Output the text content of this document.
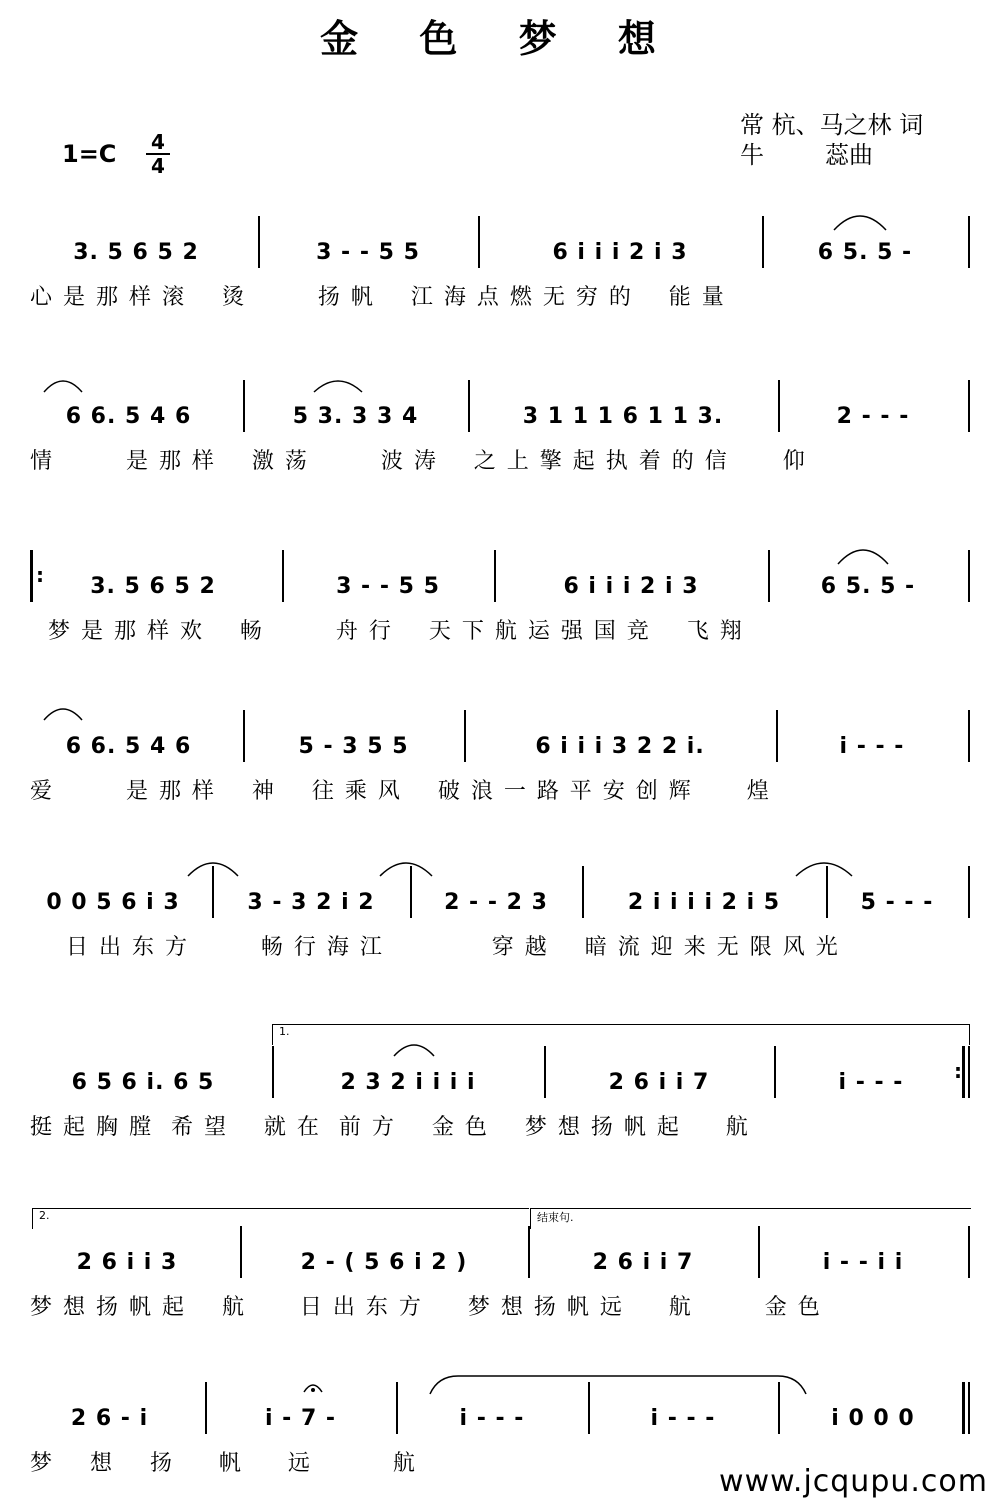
金 色 梦 想
常 杭、马之林 词
牛        蕊曲
1=C 4
4
3. 5 6 5 2	3 - - 5 5	6 i i i 2 i 3	6 5. 5 -
心 是 那 样 滚    烫        扬 帆    江 海 点 燃 无 穷 的    能 量
6 6. 5 4 6	5 3. 3 3 4	3 1 1 1 6 1 1 3.	2 - - -
情        是 那 样    激 荡        波 涛    之 上 擎 起 执 着 的 信      仰
3. 5 6 5 2	3 - - 5 5	6 i i i 2 i 3	6 5. 5 -
梦 是 那 样 欢    畅        舟 行    天 下 航 运 强 国 竞    飞 翔
6 6. 5 4 6	5 - 3 5 5	6 i i i 3 2 2 i.	i - - -
爱        是 那 样    神    往 乘 风    破 浪 一 路 平 安 创 辉      煌
0 0 5 6 i 3	3 - 3 2 i 2	2 - - 2 3	2 i i i i 2 i 5	5 - - -
日 出 东 方        畅 行 海 江            穿 越    暗 流 迎 来 无 限 风 光
6 5 6 i. 6 5	2 3 2 i i i i	2 6 i i 7	i - - -
挺 起 胸 膛  希 望    就 在  前 方    金 色    梦 想 扬 帆 起     航
2 6 i i 3	2 - ( 5 6 i 2 )	2 6 i i 7	i - - i i
梦 想 扬 帆 起    航      日 出 东 方     梦 想 扬 帆 远     航        金 色
2 6 - i	i - 7 -	i - - -	i - - -	i 0 0 0
梦    想    扬     帆     远         航
:
:
1.
2.	结束句.
www.jcqupu.com
